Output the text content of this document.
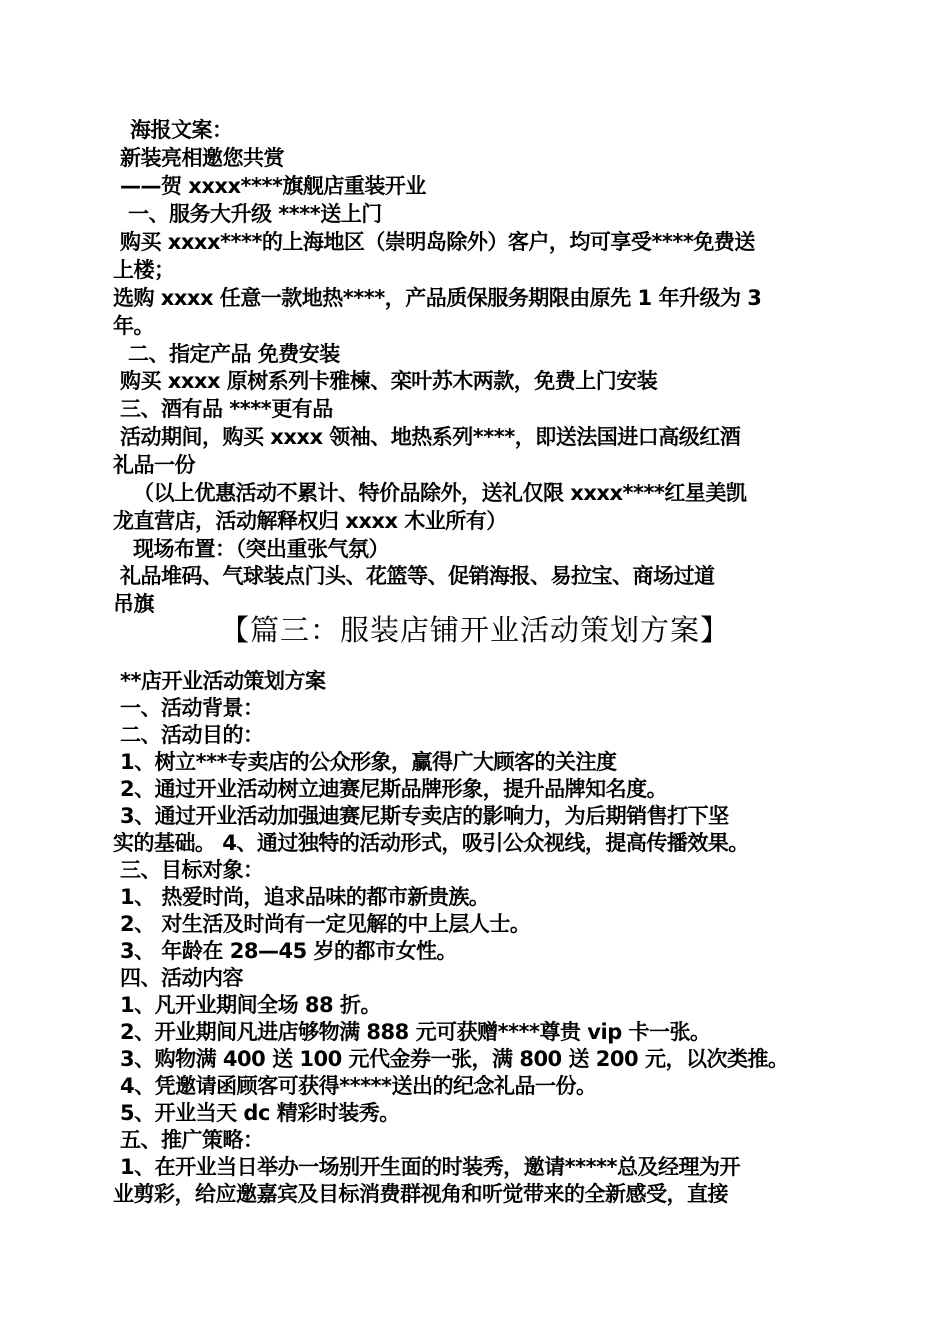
海报文案：
新装亮相邀您共赏
——贺 xxxx****旗舰店重装开业
一、服务大升级 ****送上门
购买 xxxx****的上海地区（崇明岛除外）客户，均可享受****免费送
上楼；
选购 xxxx 任意一款地热****，产品质保服务期限由原先 1 年升级为 3
年。
二、指定产品 免费安装
购买 xxxx 原树系列卡雅楝、栾叶苏木两款，免费上门安装
三、酒有品 ****更有品
活动期间，购买 xxxx 领袖、地热系列****，即送法国进口高级红酒
礼品一份
（以上优惠活动不累计、特价品除外，送礼仅限 xxxx****红星美凯
龙直营店，活动解释权归 xxxx 木业所有）
现场布置：（突出重张气氛）
礼品堆码、气球装点门头、花篮等、促销海报、易拉宝、商场过道
吊旗
【篇三：服装店铺开业活动策划方案】
**店开业活动策划方案
一、活动背景：
二、活动目的：
1、树立***专卖店的公众形象，赢得广大顾客的关注度
2、通过开业活动树立迪赛尼斯品牌形象，提升品牌知名度。
3、通过开业活动加强迪赛尼斯专卖店的影响力，为后期销售打下坚
实的基础。 4、通过独特的活动形式，吸引公众视线，提高传播效果。
三、目标对象：
1、 热爱时尚，追求品味的都市新贵族。
2、 对生活及时尚有一定见解的中上层人士。
3、 年龄在 28—45 岁的都市女性。
四、活动内容
1、凡开业期间全场 88 折。
2、开业期间凡进店够物满 888 元可获赠****尊贵 vip 卡一张。
3、购物满 400 送 100 元代金券一张，满 800 送 200 元，以次类推。
4、凭邀请函顾客可获得*****送出的纪念礼品一份。
5、开业当天 dc 精彩时装秀。
五、推广策略：
1、在开业当日举办一场别开生面的时装秀，邀请*****总及经理为开
业剪彩，给应邀嘉宾及目标消费群视角和听觉带来的全新感受，直接
